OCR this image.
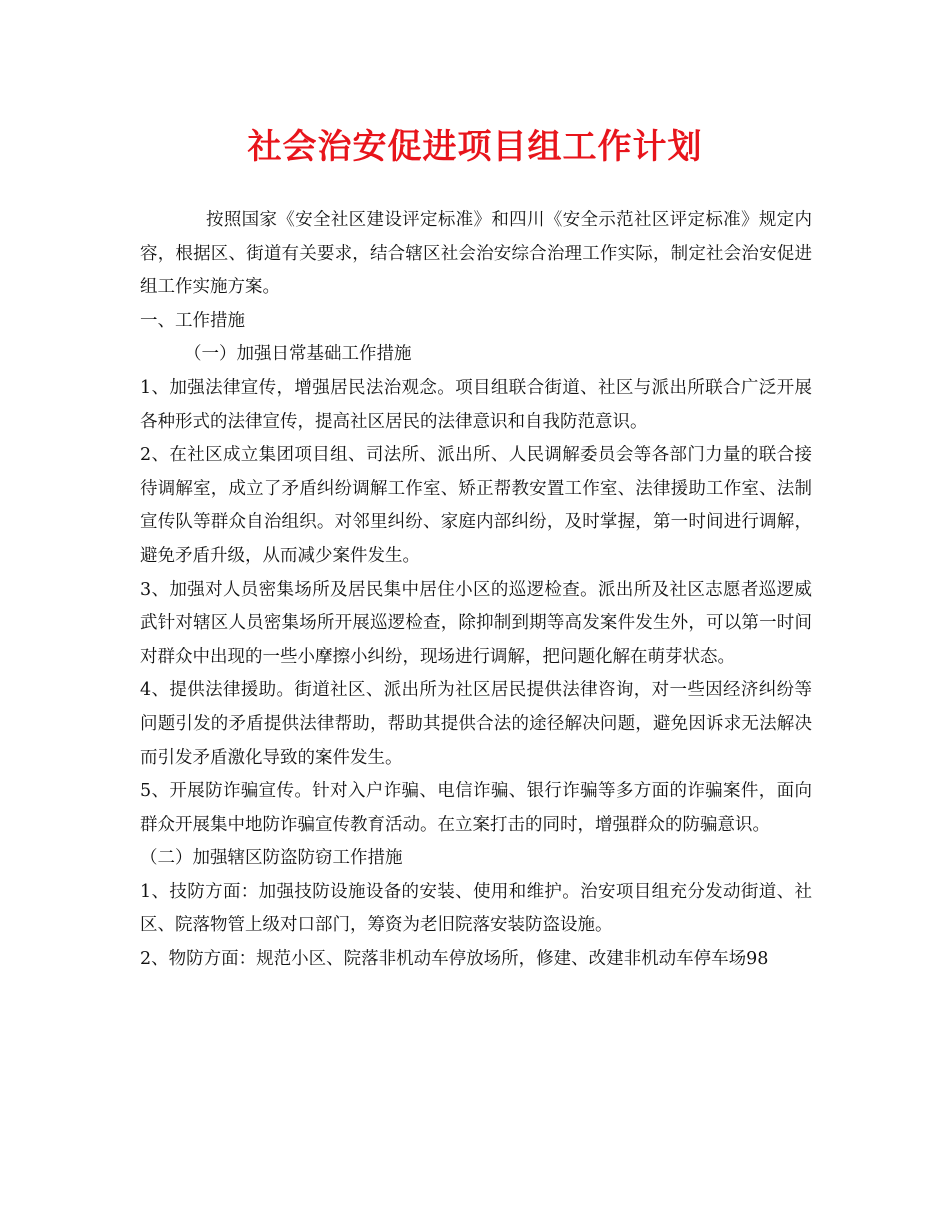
社会治安促进项目组工作计划

按照国家《安全社区建设评定标准》和四川《安全示范社区评定标准》规定内容，根据区、街道有关要求，结合辖区社会治安综合治理工作实际，制定社会治安促进组工作实施方案。

一、工作措施

（一）加强日常基础工作措施

1、加强法律宣传，增强居民法治观念。项目组联合街道、社区与派出所联合广泛开展各种形式的法律宣传，提高社区居民的法律意识和自我防范意识。

2、在社区成立集团项目组、司法所、派出所、人民调解委员会等各部门力量的联合接待调解室，成立了矛盾纠纷调解工作室、矫正帮教安置工作室、法律援助工作室、法制宣传队等群众自治组织。对邻里纠纷、家庭内部纠纷，及时掌握，第一时间进行调解，避免矛盾升级，从而减少案件发生。

3、加强对人员密集场所及居民集中居住小区的巡逻检查。派出所及社区志愿者巡逻威武针对辖区人员密集场所开展巡逻检查，除抑制到期等高发案件发生外，可以第一时间对群众中出现的一些小摩擦小纠纷，现场进行调解，把问题化解在萌芽状态。

4、提供法律援助。街道社区、派出所为社区居民提供法律咨询，对一些因经济纠纷等问题引发的矛盾提供法律帮助，帮助其提供合法的途径解决问题，避免因诉求无法解决而引发矛盾激化导致的案件发生。

5、开展防诈骗宣传。针对入户诈骗、电信诈骗、银行诈骗等多方面的诈骗案件，面向群众开展集中地防诈骗宣传教育活动。在立案打击的同时，增强群众的防骗意识。

（二）加强辖区防盗防窃工作措施

1、技防方面：加强技防设施设备的安装、使用和维护。治安项目组充分发动街道、社区、院落物管上级对口部门，筹资为老旧院落安装防盗设施。

2、物防方面：规范小区、院落非机动车停放场所，修建、改建非机动车停车场98
